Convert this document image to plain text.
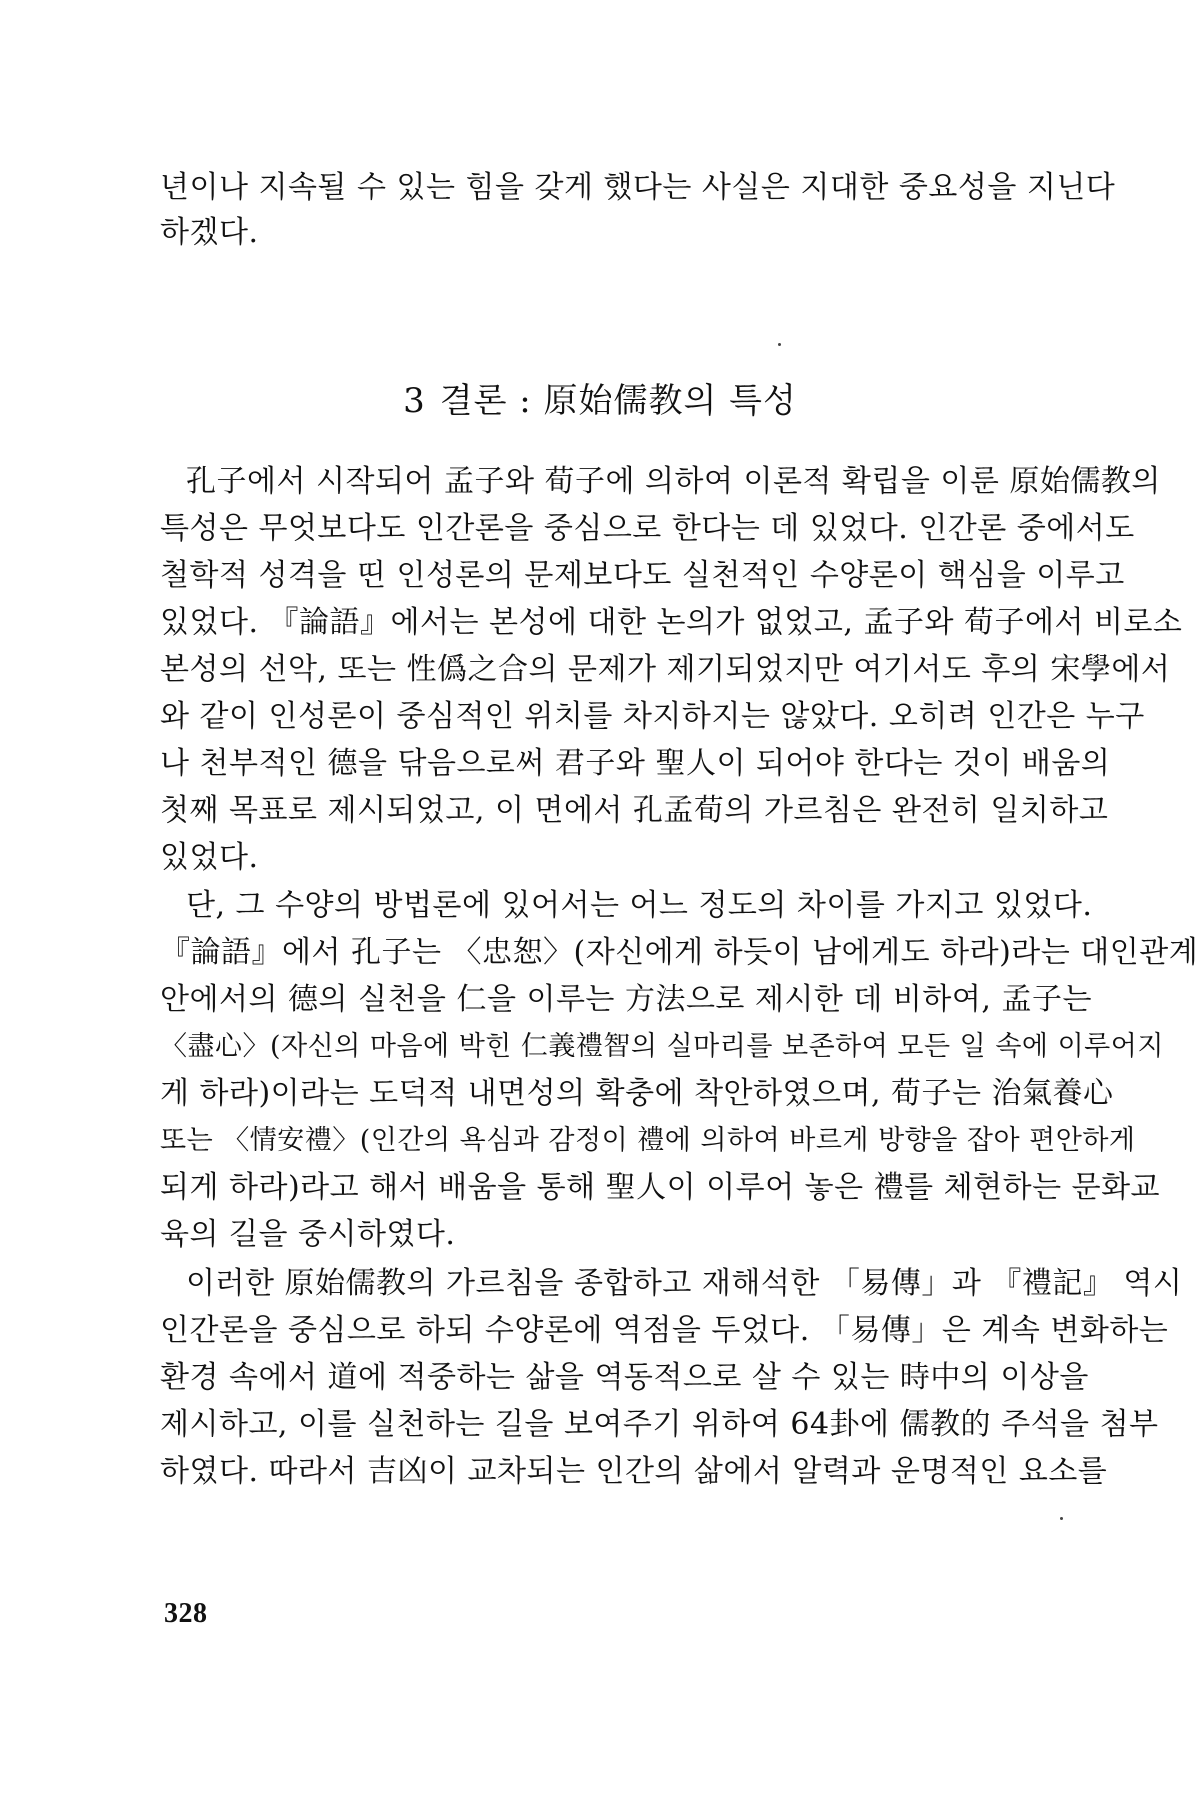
년이나 지속될 수 있는 힘을 갖게 했다는 사실은 지대한 중요성을 지닌다
하겠다.
3 결론 : 原始儒教의 특성
孔子에서 시작되어 孟子와 荀子에 의하여 이론적 확립을 이룬 原始儒教의
특성은 무엇보다도 인간론을 중심으로 한다는 데 있었다. 인간론 중에서도
철학적 성격을 띤 인성론의 문제보다도 실천적인 수양론이 핵심을 이루고
있었다. 『論語』에서는 본성에 대한 논의가 없었고, 孟子와 荀子에서 비로소
본성의 선악, 또는 性僞之合의 문제가 제기되었지만 여기서도 후의 宋學에서
와 같이 인성론이 중심적인 위치를 차지하지는 않았다. 오히려 인간은 누구
나 천부적인 德을 닦음으로써 君子와 聖人이 되어야 한다는 것이 배움의
첫째 목표로 제시되었고, 이 면에서 孔孟荀의 가르침은 완전히 일치하고
있었다.
단, 그 수양의 방법론에 있어서는 어느 정도의 차이를 가지고 있었다.
『論語』에서 孔子는 〈忠恕〉(자신에게 하듯이 남에게도 하라)라는 대인관계
안에서의 德의 실천을 仁을 이루는 方法으로 제시한 데 비하여, 孟子는
〈盡心〉(자신의 마음에 박힌 仁義禮智의 실마리를 보존하여 모든 일 속에 이루어지
게 하라)이라는 도덕적 내면성의 확충에 착안하였으며, 荀子는 治氣養心
또는 〈情安禮〉(인간의 욕심과 감정이 禮에 의하여 바르게 방향을 잡아 편안하게
되게 하라)라고 해서 배움을 통해 聖人이 이루어 놓은 禮를 체현하는 문화교
육의 길을 중시하였다.
이러한 原始儒教의 가르침을 종합하고 재해석한 「易傳」과 『禮記』 역시
인간론을 중심으로 하되 수양론에 역점을 두었다. 「易傳」은 계속 변화하는
환경 속에서 道에 적중하는 삶을 역동적으로 살 수 있는 時中의 이상을
제시하고, 이를 실천하는 길을 보여주기 위하여 64卦에 儒教的 주석을 첨부
하였다. 따라서 吉凶이 교차되는 인간의 삶에서 알력과 운명적인 요소를
328
